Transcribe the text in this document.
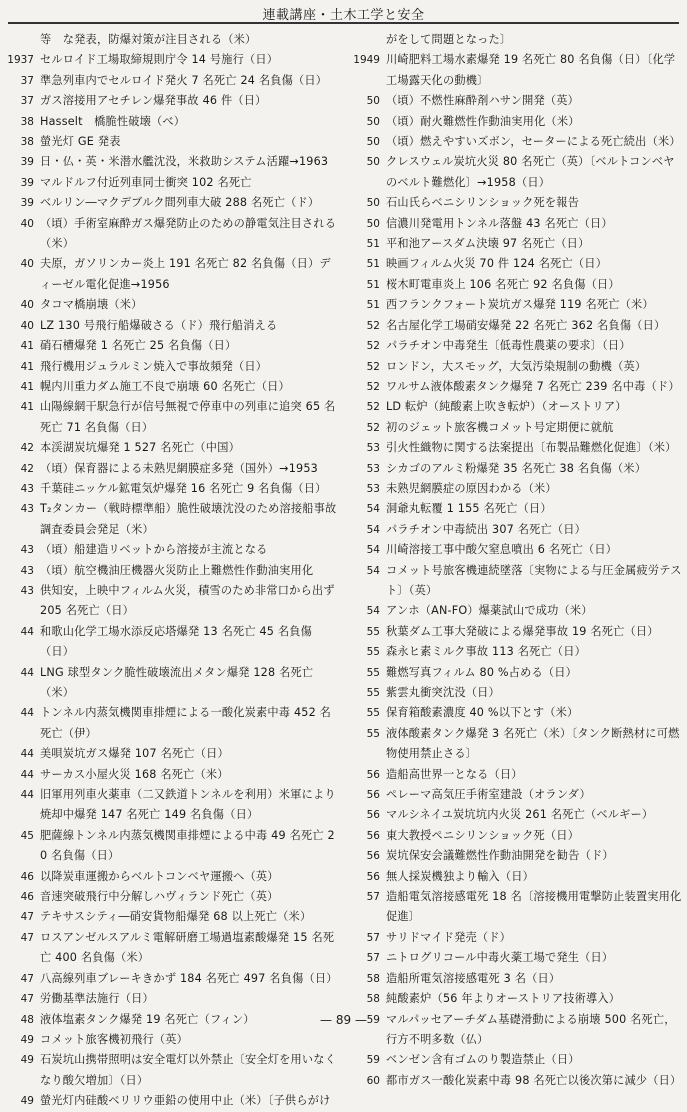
連載講座・土木工学と安全
等　な発表，防爆対策が注目される（米）
1937 セルロイド工場取締規則庁令 14 号施行（日）
37 準急列車内でセルロイド発火 7 名死亡 24 名負傷（日）
37 ガス溶接用アセチレン爆発事故 46 件（日）
38 Hasselt　橋脆性破壊（べ）
38 螢光灯 GE 発表
39 日・仏・英・米潜水艦沈没，米救助システム活躍→1963
39 マルドルフ付近列車同士衝突 102 名死亡
39 ベルリン―マクデブルク間列車大破 288 名死亡（ド）
40 （頃）手術室麻酔ガス爆発防止のための静電気注目される（米）
40 夫原，ガソリンカー炎上 191 名死亡 82 名負傷（日）ディーゼル電化促進→1956
40 タコマ橋崩壊（米）
40 LZ 130 号飛行船爆破さる（ド）飛行船消える
41 硝石槽爆発 1 名死亡 25 名負傷（日）
41 飛行機用ジュラルミン焼入で事故頻発（日）
41 幌内川重力ダム施工不良で崩壊 60 名死亡（日）
41 山陽線網干駅急行が信号無視で停車中の列車に追突 65 名死亡 71 名負傷（日）
42 本渓湖炭坑爆発 1 527 名死亡（中国）
42 （頃）保育器による未熟児網膜症多発（国外）→1953
43 千葉硅ニッケル鉱電気炉爆発 16 名死亡 9 名負傷（日）
43 T₂タンカー（戦時標準船）脆性破壊沈没のため溶接船事故調査委員会発足（米）
43 （頃）船建造リベットから溶接が主流となる
43 （頃）航空機油圧機器火災防止上難燃性作動油実用化
43 供知安，上映中フィルム火災，積雪のため非常口から出ず 205 名死亡（日）
44 和歌山化学工場水添反応塔爆発 13 名死亡 45 名負傷（日）
44 LNG 球型タンク脆性破壊流出メタン爆発 128 名死亡（米）
44 トンネル内蒸気機関車排煙による一酸化炭素中毒 452 名死亡（伊）
44 美唄炭坑ガス爆発 107 名死亡（日）
44 サーカス小屋火災 168 名死亡（米）
44 旧軍用列車火薬車（二又鉄道トンネルを利用）米軍により焼却中爆発 147 名死亡 149 名負傷（日）
45 肥薩線トンネル内蒸気機関車排煙による中毒 49 名死亡 20 名負傷（日）
46 以降炭車運搬からベルトコンベヤ運搬へ（英）
46 音速突破飛行中分解しハヴィランド死亡（英）
47 テキサスシティ―硝安貨物船爆発 68 以上死亡（米）
47 ロスアンゼルスアルミ電解研磨工場過塩素酸爆発 15 名死亡 400 名負傷（米）
47 八高線列車ブレーキきかず 184 名死亡 497 名負傷（日）
47 労働基準法施行（日）
48 液体塩素タンク爆発 19 名死亡（フィン）
49 コメット旅客機初飛行（英）
49 石炭坑山携帯照明は安全電灯以外禁止〔安全灯を用いなくなり酸欠増加〕（日）
49 螢光灯内硅酸ベリリウ亜鉛の使用中止（米）〔子供らがけ
がをして問題となった〕
1949 川崎肥料工場水素爆発 19 名死亡 80 名負傷（日）〔化学工場露天化の動機〕
50 （頃）不燃性麻酔剤ハサン開発（英）
50 （頃）耐火難燃性作動油実用化（米）
50 （頃）燃えやすいズボン，セーターによる死亡続出（米）
50 クレスウェル炭坑火災 80 名死亡（英）〔ベルトコンベヤのベルト難燃化〕→1958（日）
50 石山氏らベニシリンショック死を報告
50 信濃川発電用トンネル落盤 43 名死亡（日）
51 平和池アースダム決壊 97 名死亡（日）
51 映画フィルム火災 70 件 124 名死亡（日）
51 桜木町電車炎上 106 名死亡 92 名負傷（日）
51 西フランクフォート炭坑ガス爆発 119 名死亡（米）
52 名古屋化学工場硝安爆発 22 名死亡 362 名負傷（日）
52 パラチオン中毒発生〔低毒性農薬の要求〕（日）
52 ロンドン，大スモッグ，大気汚染規制の動機（英）
52 ワルサム液体酸素タンク爆発 7 名死亡 239 名中毒（ド）
52 LD 転炉（純酸素上吹き転炉）（オーストリア）
52 初のジェット旅客機コメット号定期便に就航
53 引火性織物に関する法案提出〔布製品難燃化促進〕（米）
53 シカゴのアルミ粉爆発 35 名死亡 38 名負傷（米）
53 未熟児網膜症の原因わかる（米）
54 洞爺丸転覆 1 155 名死亡（日）
54 パラチオン中毒続出 307 名死亡（日）
54 川崎溶接工事中酸欠窒息噴出 6 名死亡（日）
54 コメット号旅客機連続墜落〔実物による与圧金属疲労テスト〕（英）
54 アンホ（AN-FO）爆薬試山で成功（米）
55 秋葉ダム工事大発破による爆発事故 19 名死亡（日）
55 森永ヒ素ミルク事故 113 名死亡（日）
55 難燃写真フィルム 80 %占める（日）
55 紫雲丸衝突沈没（日）
55 保育箱酸素濃度 40 %以下とす（米）
55 液体酸素タンク爆発 3 名死亡（米）〔タンク断熱材に可燃物使用禁止さる〕
56 造船高世界一となる（日）
56 ペレーマ高気圧手術室建設（オランダ）
56 マルシネイユ炭坑坑内火災 261 名死亡（ベルギー）
56 東大教授ペニシリンショック死（日）
56 炭坑保安会議難燃性作動油開発を勧告（ド）
56 無人採炭機独より輸入（日）
57 造船電気溶接感電死 18 名〔溶接機用電撃防止装置実用化促進〕
57 サリドマイド発売（ド）
57 ニトログリコール中毒火薬工場で発生（日）
58 造船所電気溶接感電死 3 名（日）
58 純酸素炉（56 年よりオーストリア技術導入）
59 マルパッセアーチダム基礎滑動による崩壊 500 名死亡，行方不明多数（仏）
59 ベンゼン含有ゴムのり製造禁止（日）
60 都市ガス一酸化炭素中毒 98 名死亡以後次第に減少（日）
— 89 —
